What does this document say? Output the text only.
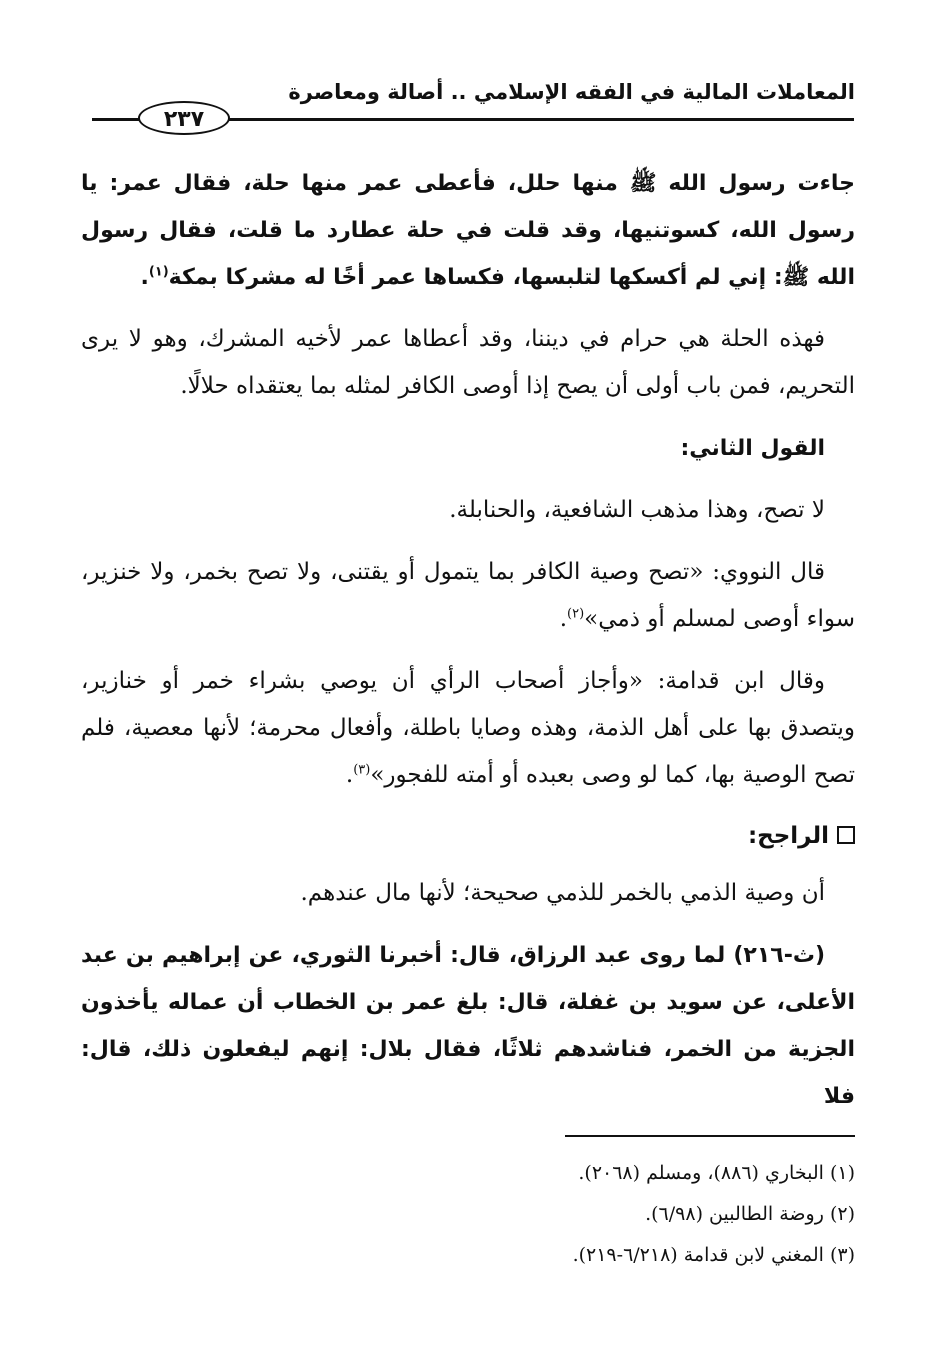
المعاملات المالية في الفقه الإسلامي .. أصالة ومعاصرة
٢٣٧

جاءت رسول الله ﷺ منها حلل، فأعطى عمر منها حلة، فقال عمر: يا رسول الله، كسوتنيها، وقد قلت في حلة عطارد ما قلت، فقال رسول الله ﷺ: إني لم أكسكها لتلبسها، فكساها عمر أخًا له مشركا بمكة$^{(١)}$.

فهذه الحلة هي حرام في ديننا، وقد أعطاها عمر لأخيه المشرك، وهو لا يرى التحريم، فمن باب أولى أن يصح إذا أوصى الكافر لمثله بما يعتقداه حلالًا.

القول الثاني:

لا تصح، وهذا مذهب الشافعية، والحنابلة.

قال النووي: «تصح وصية الكافر بما يتمول أو يقتنى، ولا تصح بخمر، ولا خنزير، سواء أوصى لمسلم أو ذمي»$^{(٢)}$.

وقال ابن قدامة: «وأجاز أصحاب الرأي أن يوصي بشراء خمر أو خنازير، ويتصدق بها على أهل الذمة، وهذه وصايا باطلة، وأفعال محرمة؛ لأنها معصية، فلم تصح الوصية بها، كما لو وصى بعبده أو أمته للفجور»$^{(٣)}$.

الراجح:

أن وصية الذمي بالخمر للذمي صحيحة؛ لأنها مال عندهم.

(ث-٢١٦) لما روى عبد الرزاق، قال: أخبرنا الثوري، عن إبراهيم بن عبد الأعلى، عن سويد بن غفلة، قال: بلغ عمر بن الخطاب أن عماله يأخذون الجزية من الخمر، فناشدهم ثلاثًا، فقال بلال: إنهم ليفعلون ذلك، قال: فلا

(١) البخاري (٨٨٦)، ومسلم (٢٠٦٨).

(٢) روضة الطالبين (٦/٩٨).

(٣) المغني لابن قدامة (٦/٢١٨-٢١٩).
